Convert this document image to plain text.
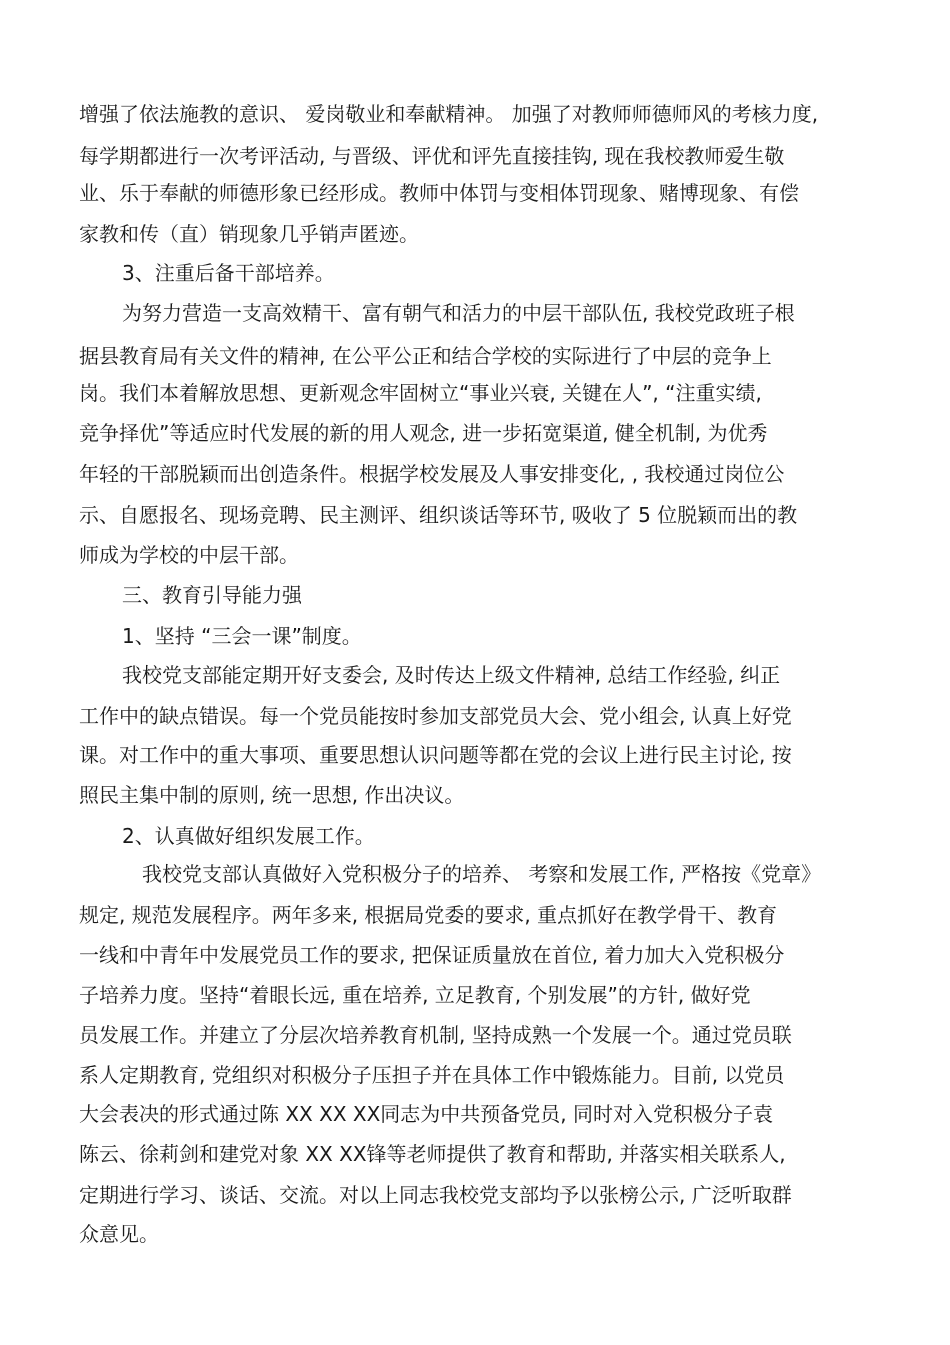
增强了依法施教的意识、 爱岗敬业和奉献精神。 加强了对教师师德师风的考核力度,

每学期都进行一次考评活动, 与晋级、评优和评先直接挂钩, 现在我校教师爱生敬

业、乐于奉献的师德形象已经形成。教师中体罚与变相体罚现象、赌博现象、有偿

家教和传（直）销现象几乎销声匿迹。

3、注重后备干部培养。

为努力营造一支高效精干、富有朝气和活力的中层干部队伍, 我校党政班子根

据县教育局有关文件的精神, 在公平公正和结合学校的实际进行了中层的竞争上

岗。我们本着解放思想、更新观念牢固树立“事业兴衰, 关键在人”, “注重实绩,

竞争择优”等适应时代发展的新的用人观念, 进一步拓宽渠道, 健全机制, 为优秀

年轻的干部脱颖而出创造条件。根据学校发展及人事安排变化, , 我校通过岗位公

示、自愿报名、现场竞聘、民主测评、组织谈话等环节, 吸收了 5 位脱颖而出的教

师成为学校的中层干部。

三、教育引导能力强

1、坚持 “三会一课”制度。

我校党支部能定期开好支委会, 及时传达上级文件精神, 总结工作经验, 纠正

工作中的缺点错误。每一个党员能按时参加支部党员大会、党小组会, 认真上好党

课。对工作中的重大事项、重要思想认识问题等都在党的会议上进行民主讨论, 按

照民主集中制的原则, 统一思想, 作出决议。

2、认真做好组织发展工作。

我校党支部认真做好入党积极分子的培养、 考察和发展工作, 严格按《党章》

规定, 规范发展程序。两年多来, 根据局党委的要求, 重点抓好在教学骨干、教育

一线和中青年中发展党员工作的要求, 把保证质量放在首位, 着力加大入党积极分

子培养力度。坚持“着眼长远, 重在培养, 立足教育, 个别发展”的方针, 做好党

员发展工作。并建立了分层次培养教育机制, 坚持成熟一个发展一个。通过党员联

系人定期教育, 党组织对积极分子压担子并在具体工作中锻炼能力。目前, 以党员

大会表决的形式通过陈 XX XX XX同志为中共预备党员, 同时对入党积极分子袁

陈云、徐莉剑和建党对象 XX XX锋等老师提供了教育和帮助, 并落实相关联系人,

定期进行学习、谈话、交流。对以上同志我校党支部均予以张榜公示, 广泛听取群

众意见。
